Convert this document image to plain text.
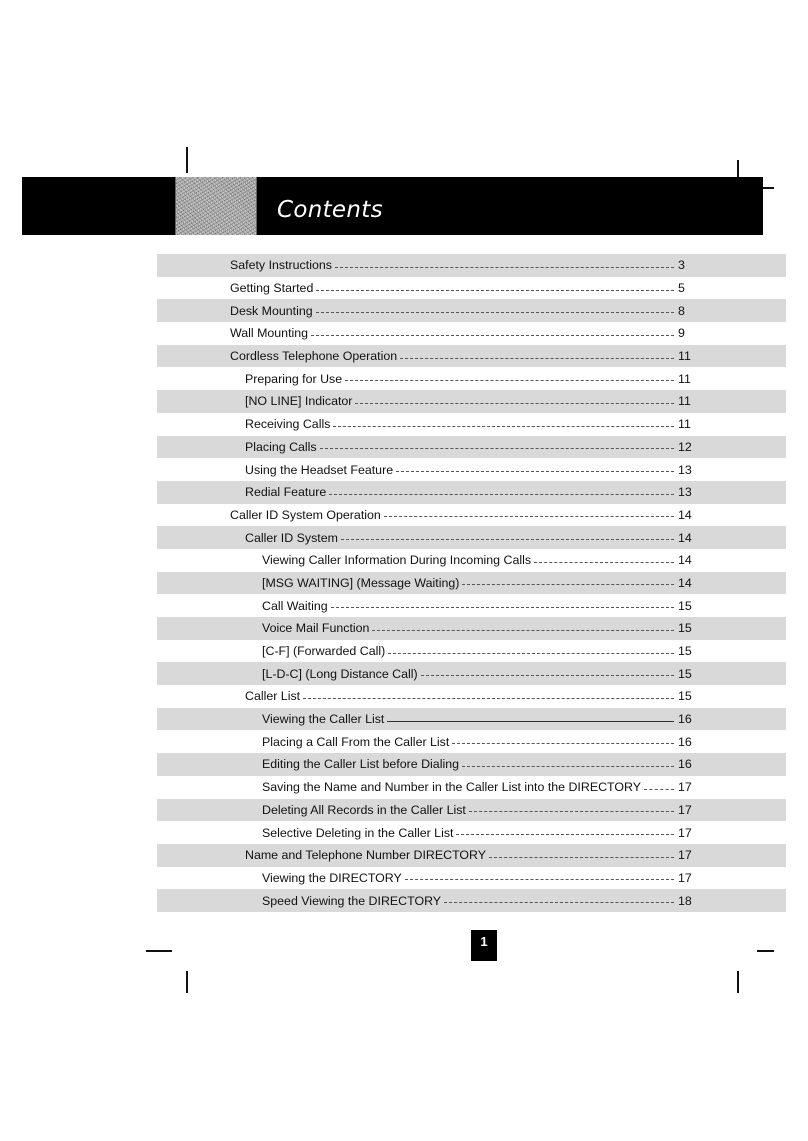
Contents
Safety Instructions	3
Getting Started	5
Desk Mounting	8
Wall Mounting	9
Cordless Telephone Operation	11
Preparing for Use	11
[NO LINE] Indicator	11
Receiving Calls	11
Placing Calls	12
Using the Headset Feature	13
Redial Feature	13
Caller ID System Operation	14
Caller ID System	14
Viewing Caller Information During Incoming Calls	14
[MSG WAITING] (Message Waiting)	14
Call Waiting	15
Voice Mail Function	15
[C-F] (Forwarded Call)	15
[L-D-C] (Long Distance Call)	15
Caller List	15
Viewing the Caller List	16
Placing a Call From the Caller List	16
Editing the Caller List before Dialing	16
Saving the Name and Number in the Caller List into the DIRECTORY	17
Deleting All Records in the Caller List	17
Selective Deleting in the Caller List	17
Name and Telephone Number DIRECTORY	17
Viewing the DIRECTORY	17
Speed Viewing the DIRECTORY	18
1
